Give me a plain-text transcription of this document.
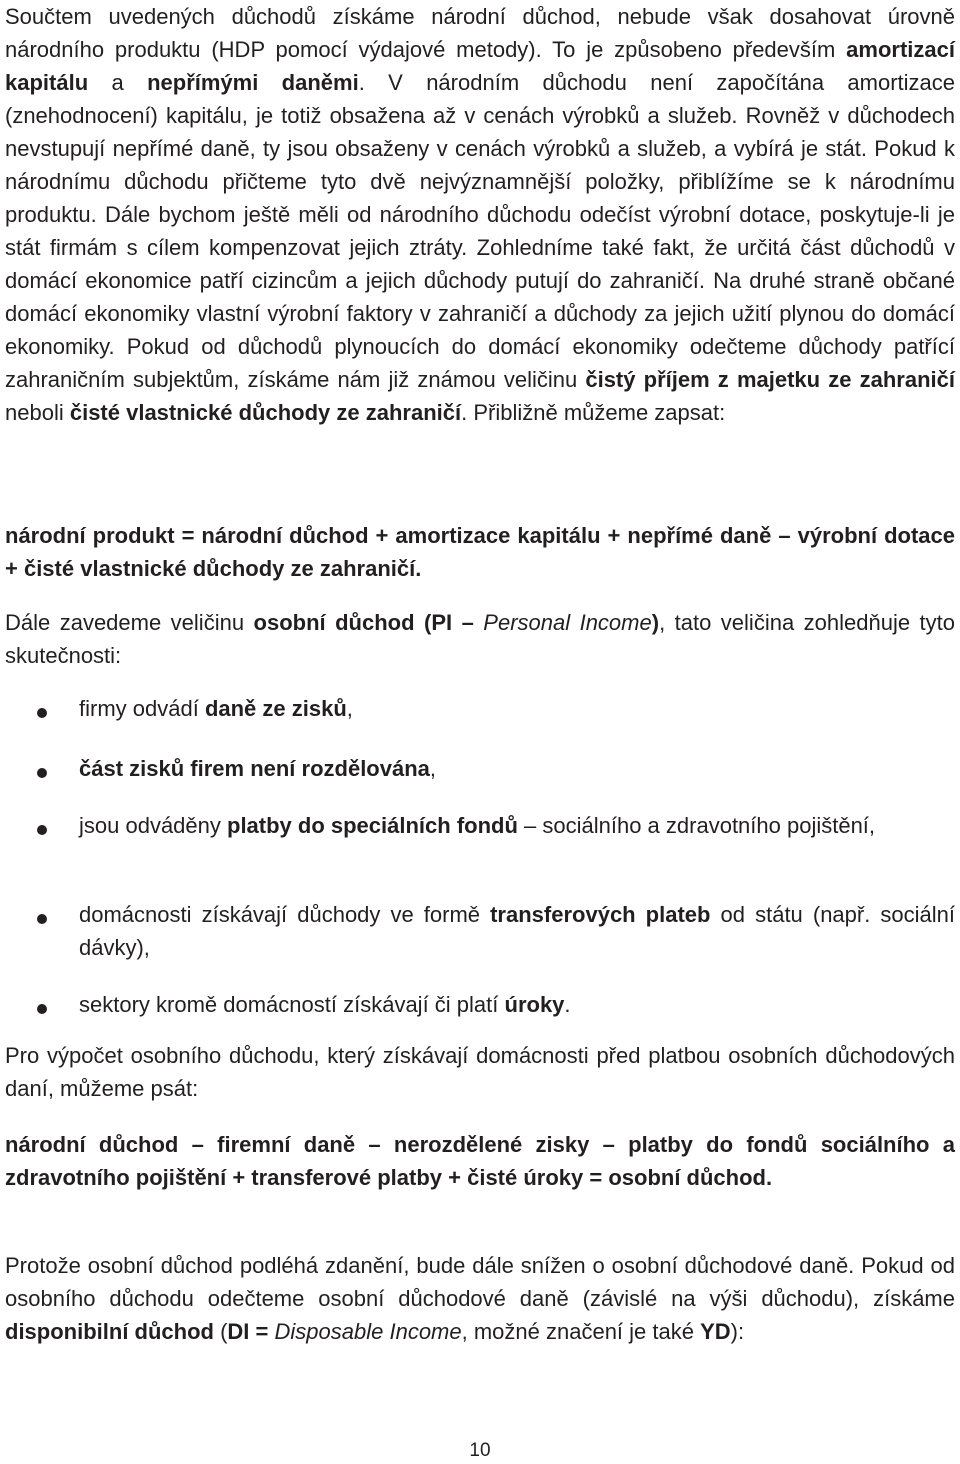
Součtem uvedených důchodů získáme národní důchod, nebude však dosahovat úrovně národního produktu (HDP pomocí výdajové metody). To je způsobeno především amortizací kapitálu a nepřímými daněmi. V národním důchodu není započítána amortizace (znehodnocení) kapitálu, je totiž obsažena až v cenách výrobků a služeb. Rovněž v důchodech nevstupují nepřímé daně, ty jsou obsaženy v cenách výrobků a služeb, a vybírá je stát. Pokud k národnímu důchodu přičteme tyto dvě nejvýznamnější položky, přiblížíme se k národnímu produktu. Dále bychom ještě měli od národního důchodu odečíst výrobní dotace, poskytuje-li je stát firmám s cílem kompenzovat jejich ztráty. Zohledníme také fakt, že určitá část důchodů v domácí ekonomice patří cizincům a jejich důchody putují do zahraničí. Na druhé straně občané domácí ekonomiky vlastní výrobní faktory v zahraničí a důchody za jejich užití plynou do domácí ekonomiky. Pokud od důchodů plynoucích do domácí ekonomiky odečteme důchody patřící zahraničním subjektům, získáme nám již známou veličinu čistý příjem z majetku ze zahraničí neboli čisté vlastnické důchody ze zahraničí. Přibližně můžeme zapsat:

národní produkt = národní důchod + amortizace kapitálu + nepřímé daně – výrobní dotace + čisté vlastnické důchody ze zahraničí.

Dále zavedeme veličinu osobní důchod (PI – Personal Income), tato veličina zohledňuje tyto skutečnosti:

firmy odvádí daně ze zisků,

část zisků firem není rozdělována,

jsou odváděny platby do speciálních fondů – sociálního a zdravotního pojištění,

domácnosti získávají důchody ve formě transferových plateb od státu (např. sociální dávky),

sektory kromě domácností získávají či platí úroky.

Pro výpočet osobního důchodu, který získávají domácnosti před platbou osobních důchodových daní, můžeme psát:

národní důchod – firemní daně – nerozdělené zisky – platby do fondů sociálního a zdravotního pojištění + transferové platby + čisté úroky = osobní důchod.

Protože osobní důchod podléhá zdanění, bude dále snížen o osobní důchodové daně. Pokud od osobního důchodu odečteme osobní důchodové daně (závislé na výši důchodu), získáme disponibilní důchod (DI = Disposable Income, možné značení je také YD):

10
